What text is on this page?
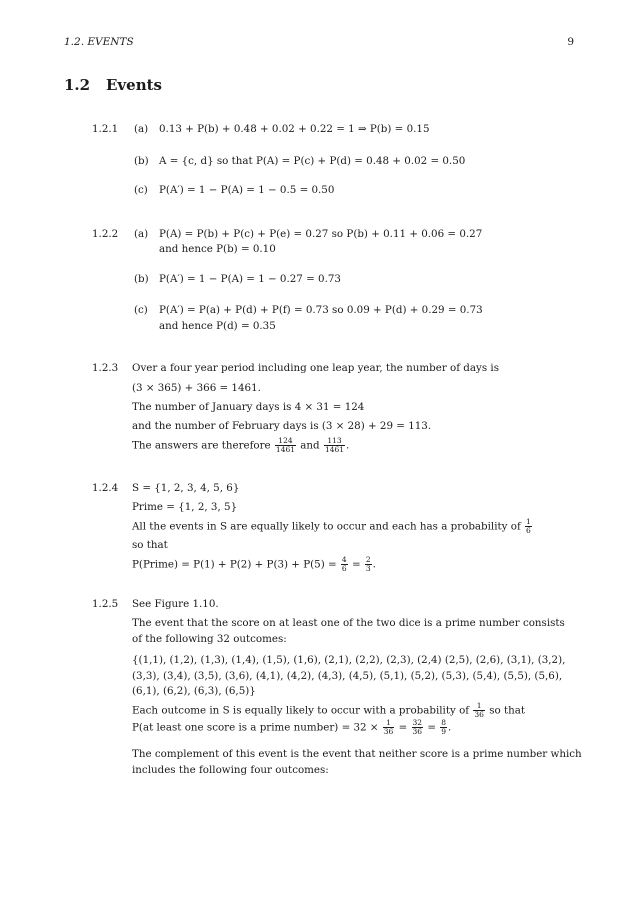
1.2. EVENTS	9
1.2 Events
1.2.1 (a) 0.13 + P(b) + 0.48 + 0.02 + 0.22 = 1 ⇒ P(b) = 0.15
(b) A = {c, d} so that P(A) = P(c) + P(d) = 0.48 + 0.02 = 0.50
(c) P(A′) = 1 − P(A) = 1 − 0.5 = 0.50
1.2.2 (a) P(A) = P(b) + P(c) + P(e) = 0.27 so P(b) + 0.11 + 0.06 = 0.27
and hence P(b) = 0.10
(b) P(A′) = 1 − P(A) = 1 − 0.27 = 0.73
(c) P(A′) = P(a) + P(d) + P(f) = 0.73 so 0.09 + P(d) + 0.29 = 0.73
and hence P(d) = 0.35
1.2.3 Over a four year period including one leap year, the number of days is
(3 × 365) + 366 = 1461.
The number of January days is 4 × 31 = 124
and the number of February days is (3 × 28) + 29 = 113.
The answers are therefore $\frac{124}{1461}$ and $\frac{113}{1461}$ .
1.2.4 S = {1, 2, 3, 4, 5, 6}
Prime = {1, 2, 3, 5}
All the events in S are equally likely to occur and each has a probability of $\frac{1}{6}$
so that
P(Prime) = $P(1) + P(2) + P(3) + P(5) = \frac{4}{6} = \frac{2}{3}$ .
1.2.5 See Figure 1.10.
The event that the score on at least one of the two dice is a prime number consists
of the following 32 outcomes:
{(1,1), (1,2), (1,3), (1,4), (1,5), (1,6), (2,1), (2,2), (2,3), (2,4) (2,5), (2,6), (3,1), (3,2),
(3,3), (3,4), (3,5), (3,6), (4,1), (4,2), (4,3), (4,5), (5,1), (5,2), (5,3), (5,4), (5,5), (5,6),
(6,1), (6,2), (6,3), (6,5)}
Each outcome in S is equally likely to occur with a probability of $\frac{1}{36}$ so that
P(at least one score is a prime number) = $32 \times \frac{1}{36} = \frac{32}{36} = \frac{8}{9}$ .
The complement of this event is the event that neither score is a prime number which
includes the following four outcomes:
